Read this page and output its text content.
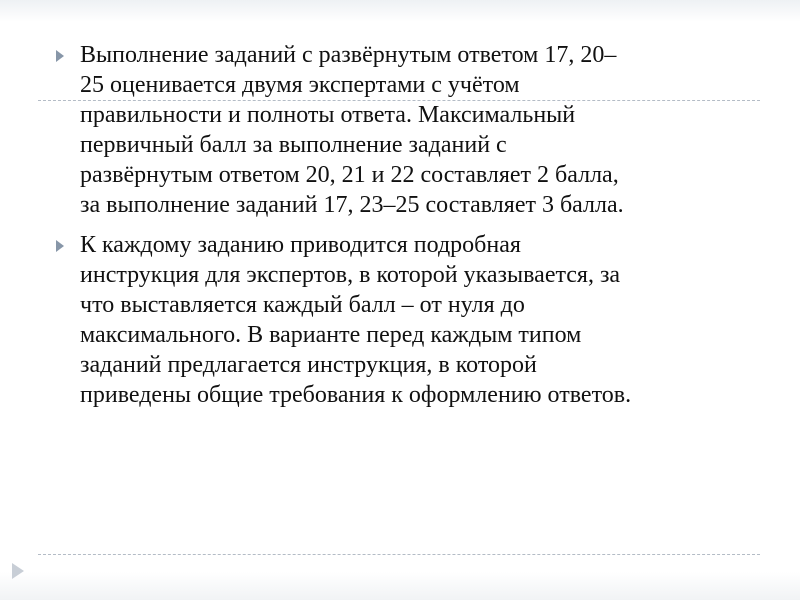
Выполнение заданий с развёрнутым ответом 17, 20–
25 оценивается двумя экспертами с учётом
правильности и полноты ответа. Максимальный
первичный балл за выполнение заданий с
развёрнутым ответом 20, 21 и 22 составляет 2 балла,
за выполнение заданий 17, 23–25 составляет 3 балла.
К каждому заданию приводится подробная
инструкция для экспертов, в которой указывается, за
что выставляется каждый балл – от нуля до
максимального. В варианте перед каждым типом
заданий предлагается инструкция, в которой
приведены общие требования к оформлению ответов.
